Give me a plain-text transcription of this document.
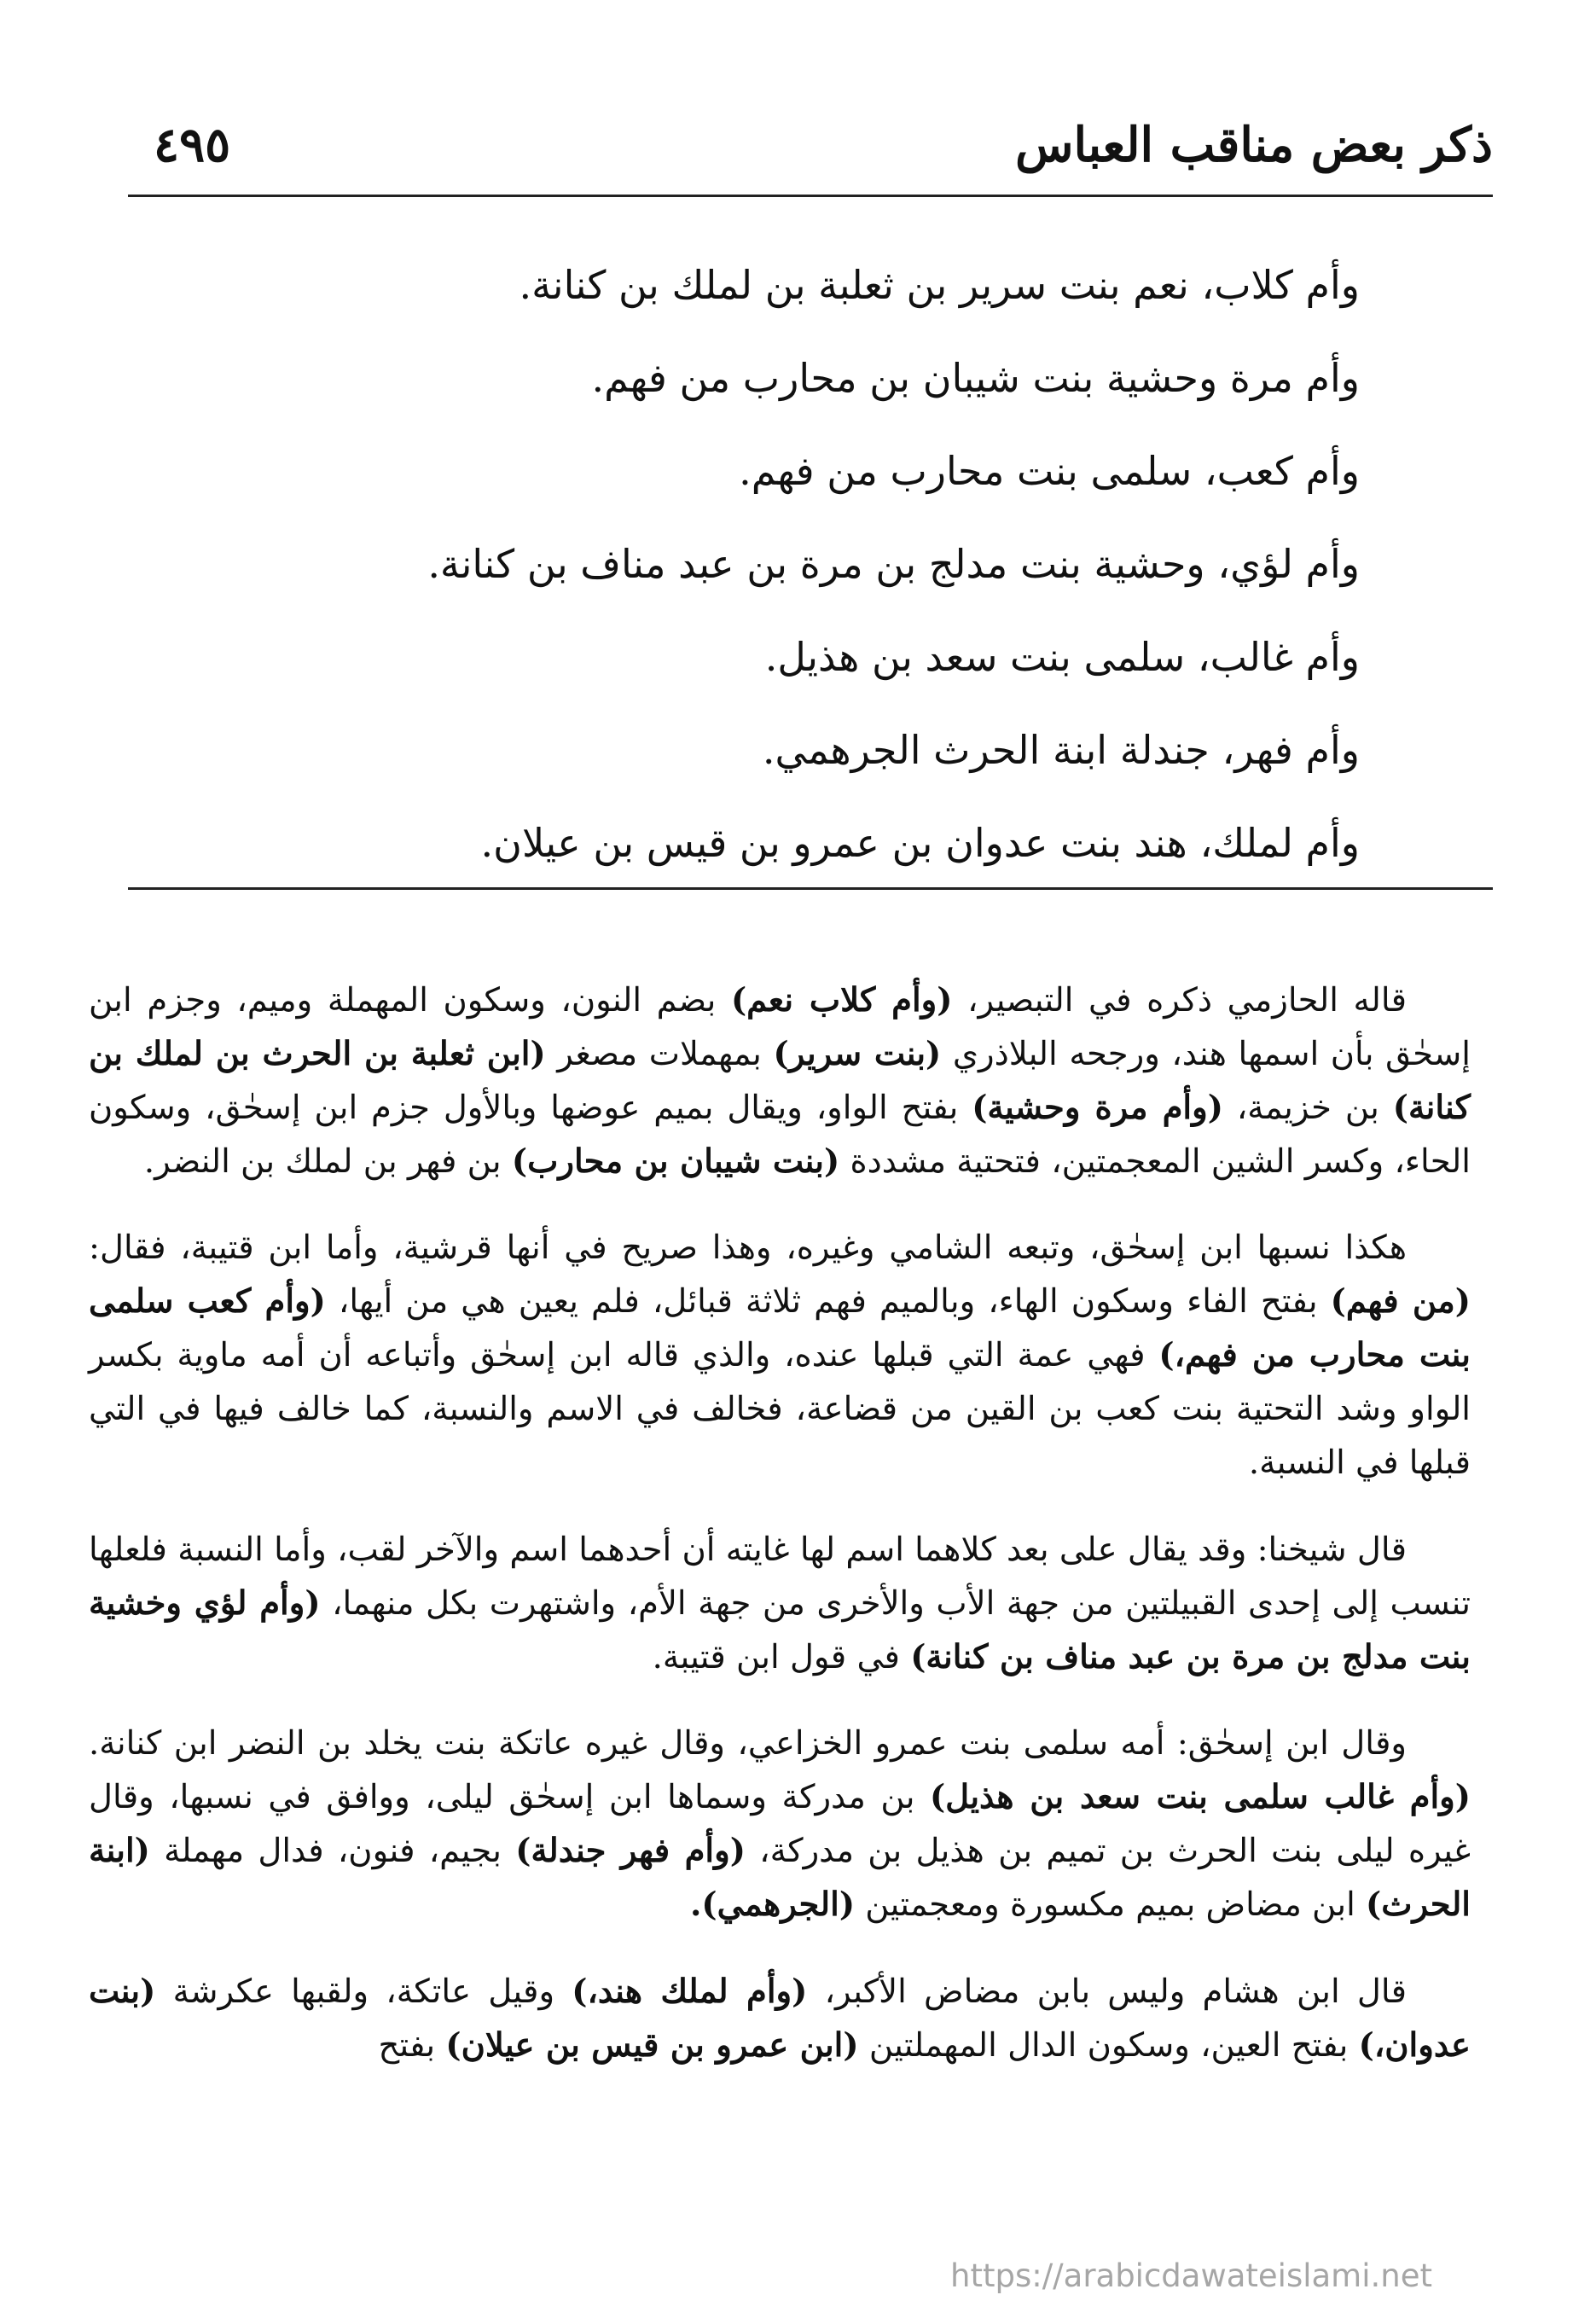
ذكر بعض مناقب العباس
٤٩٥
وأم كلاب، نعم بنت سرير بن ثعلبة بن لملك بن كنانة.
وأم مرة وحشية بنت شيبان بن محارب من فهم.
وأم كعب، سلمى بنت محارب من فهم.
وأم لؤي، وحشية بنت مدلج بن مرة بن عبد مناف بن كنانة.
وأم غالب، سلمى بنت سعد بن هذيل.
وأم فهر، جندلة ابنة الحرث الجرهمي.
وأم لملك، هند بنت عدوان بن عمرو بن قيس بن عيلان.

قاله الحازمي ذكره في التبصير، (وأم كلاب نعم) بضم النون، وسكون المهملة وميم، وجزم ابن إسحٰق بأن اسمها هند، ورجحه البلاذري (بنت سرير) بمهملات مصغر (ابن ثعلبة بن الحرث بن لملك بن كنانة) بن خزيمة، (وأم مرة وحشية) بفتح الواو، ويقال بميم عوضها وبالأول جزم ابن إسحٰق، وسكون الحاء، وكسر الشين المعجمتين، فتحتية مشددة (بنت شيبان بن محارب) بن فهر بن لملك بن النضر.

هكذا نسبها ابن إسحٰق، وتبعه الشامي وغيره، وهذا صريح في أنها قرشية، وأما ابن قتيبة، فقال: (من فهم) بفتح الفاء وسكون الهاء، وبالميم فهم ثلاثة قبائل، فلم يعين هي من أيها، (وأم كعب سلمى بنت محارب من فهم،) فهي عمة التي قبلها عنده، والذي قاله ابن إسحٰق وأتباعه أن أمه ماوية بكسر الواو وشد التحتية بنت كعب بن القين من قضاعة، فخالف في الاسم والنسبة، كما خالف فيها في التي قبلها في النسبة.

قال شيخنا: وقد يقال على بعد كلاهما اسم لها غايته أن أحدهما اسم والآخر لقب، وأما النسبة فلعلها تنسب إلى إحدى القبيلتين من جهة الأب والأخرى من جهة الأم، واشتهرت بكل منهما، (وأم لؤي وخشية بنت مدلج بن مرة بن عبد مناف بن كنانة) في قول ابن قتيبة.

وقال ابن إسحٰق: أمه سلمى بنت عمرو الخزاعي، وقال غيره عاتكة بنت يخلد بن النضر ابن كنانة. (وأم غالب سلمى بنت سعد بن هذيل) بن مدركة وسماها ابن إسحٰق ليلى، ووافق في نسبها، وقال غيره ليلى بنت الحرث بن تميم بن هذيل بن مدركة، (وأم فهر جندلة) بجيم، فنون، فدال مهملة (ابنة الحرث) ابن مضاض بميم مكسورة ومعجمتين (الجرهمي).

قال ابن هشام وليس بابن مضاض الأكبر، (وأم لملك هند،) وقيل عاتكة، ولقبها عكرشة (بنت عدوان،) بفتح العين، وسكون الدال المهملتين (ابن عمرو بن قيس بن عيلان) بفتح

https://arabicdawateislami.net
